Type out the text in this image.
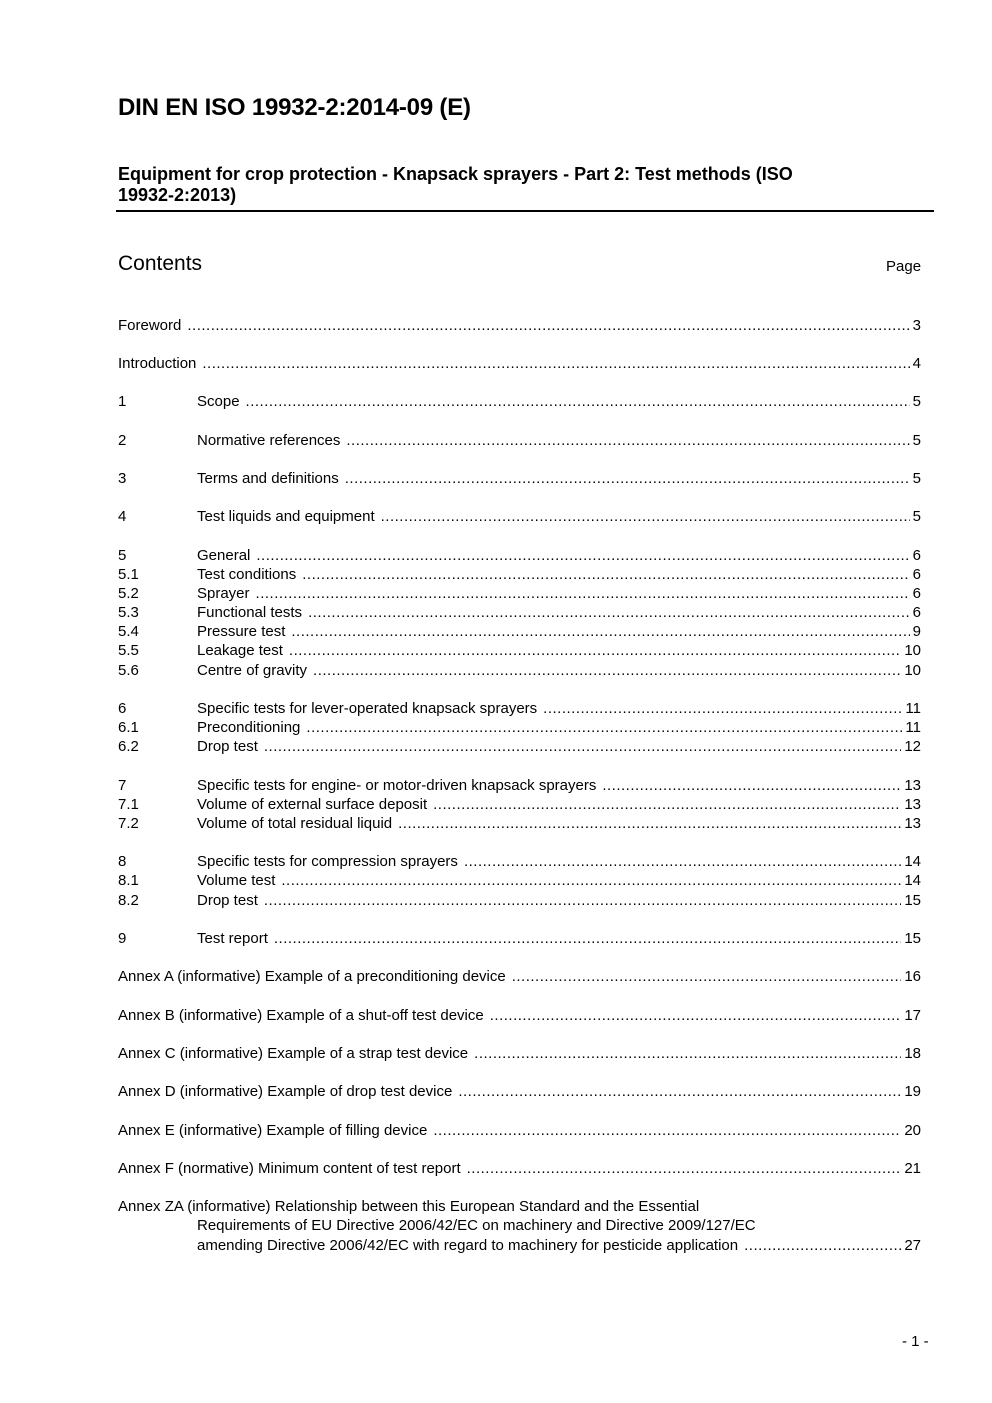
DIN EN ISO 19932-2:2014-09 (E)
Equipment for crop protection - Knapsack sprayers - Part 2: Test methods (ISO
19932-2:2013)
Contents	Page
Foreword .....	3
Introduction .....	4
1	Scope .....	5
2	Normative references .....	5
3	Terms and definitions .....	5
4	Test liquids and equipment .....	5
5	General .....	6
5.1	Test conditions .....	6
5.2	Sprayer .....	6
5.3	Functional tests .....	6
5.4	Pressure test .....	9
5.5	Leakage test .....	10
5.6	Centre of gravity .....	10
6	Specific tests for lever-operated knapsack sprayers .....	11
6.1	Preconditioning .....	11
6.2	Drop test .....	12
7	Specific tests for engine- or motor-driven knapsack sprayers .....	13
7.1	Volume of external surface deposit .....	13
7.2	Volume of total residual liquid .....	13
8	Specific tests for compression sprayers .....	14
8.1	Volume test .....	14
8.2	Drop test .....	15
9	Test report .....	15
Annex A (informative) Example of a preconditioning device .....	16
Annex B (informative) Example of a shut-off test device .....	17
Annex C (informative) Example of a strap test device .....	18
Annex D (informative) Example of drop test device .....	19
Annex E (informative) Example of filling device .....	20
Annex F (normative) Minimum content of test report .....	21
Annex ZA (informative) Relationship between this European Standard and the Essential
Requirements of EU Directive 2006/42/EC on machinery and Directive 2009/127/EC
amending Directive 2006/42/EC with regard to machinery for pesticide application .....	27
- 1 -
